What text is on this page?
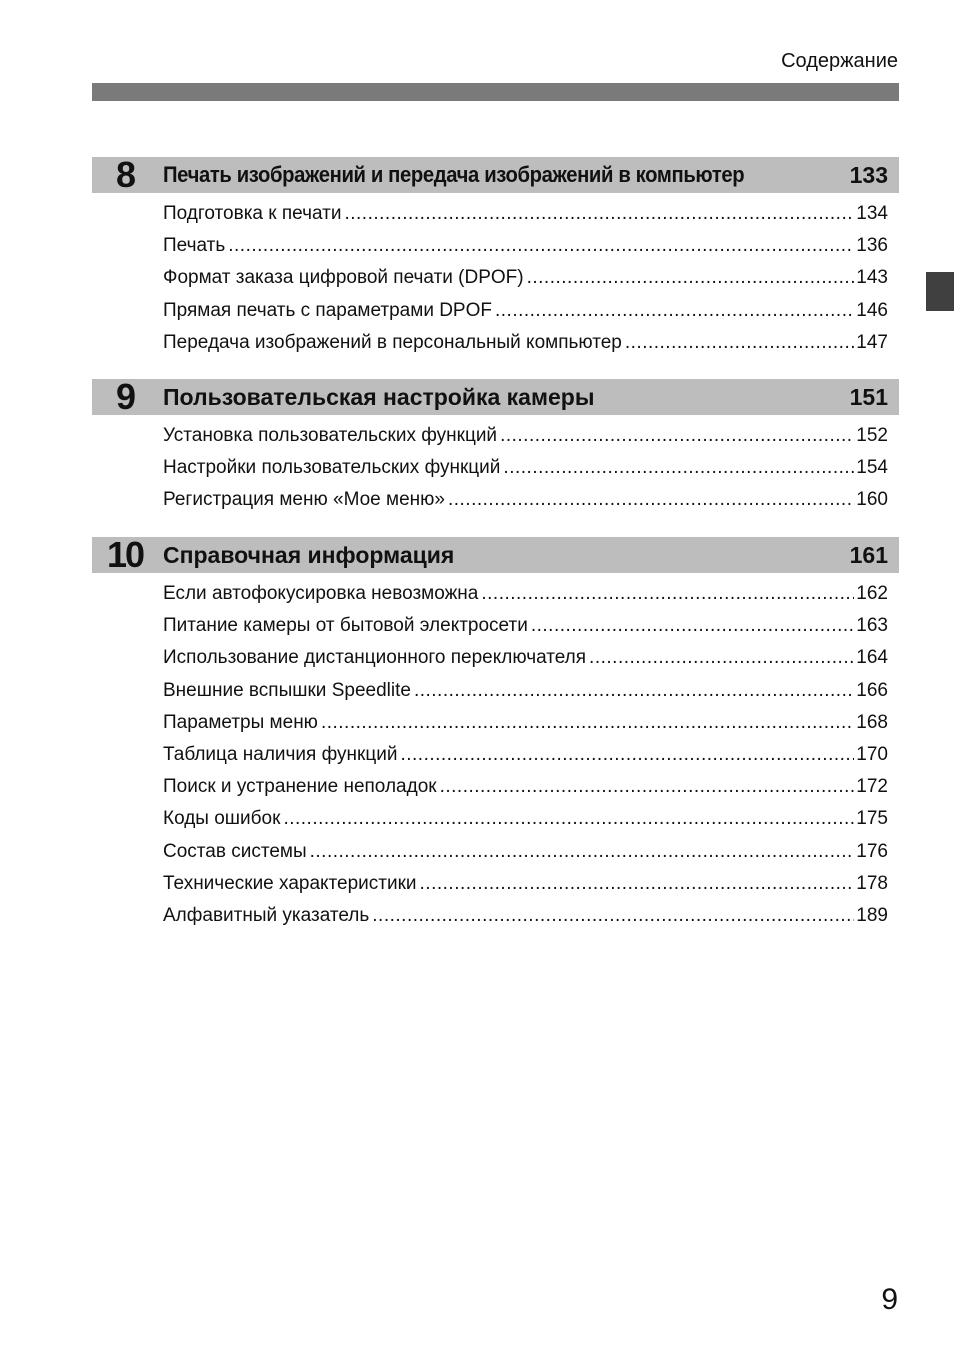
Содержание
8	Печать изображений и передача изображений в компьютер	133
Подготовка к печати .....	134
Печать .....	136
Формат заказа цифровой печати (DPOF) .....	143
Прямая печать с параметрами DPOF .....	146
Передача изображений в персональный компьютер .....	147
9	Пользовательская настройка камеры	151
Установка пользовательских функций .....	152
Настройки пользовательских функций .....	154
Регистрация меню «Мое меню» .....	160
10 Справочная информация	161
Если автофокусировка невозможна .....	162
Питание камеры от бытовой электросети .....	163
Использование дистанционного переключателя .....	164
Внешние вспышки Speedlite .....	166
Параметры меню .....	168
Таблица наличия функций .....	170
Поиск и устранение неполадок .....	172
Коды ошибок .....	175
Состав системы .....	176
Технические характеристики .....	178
Алфавитный указатель .....	189
9
